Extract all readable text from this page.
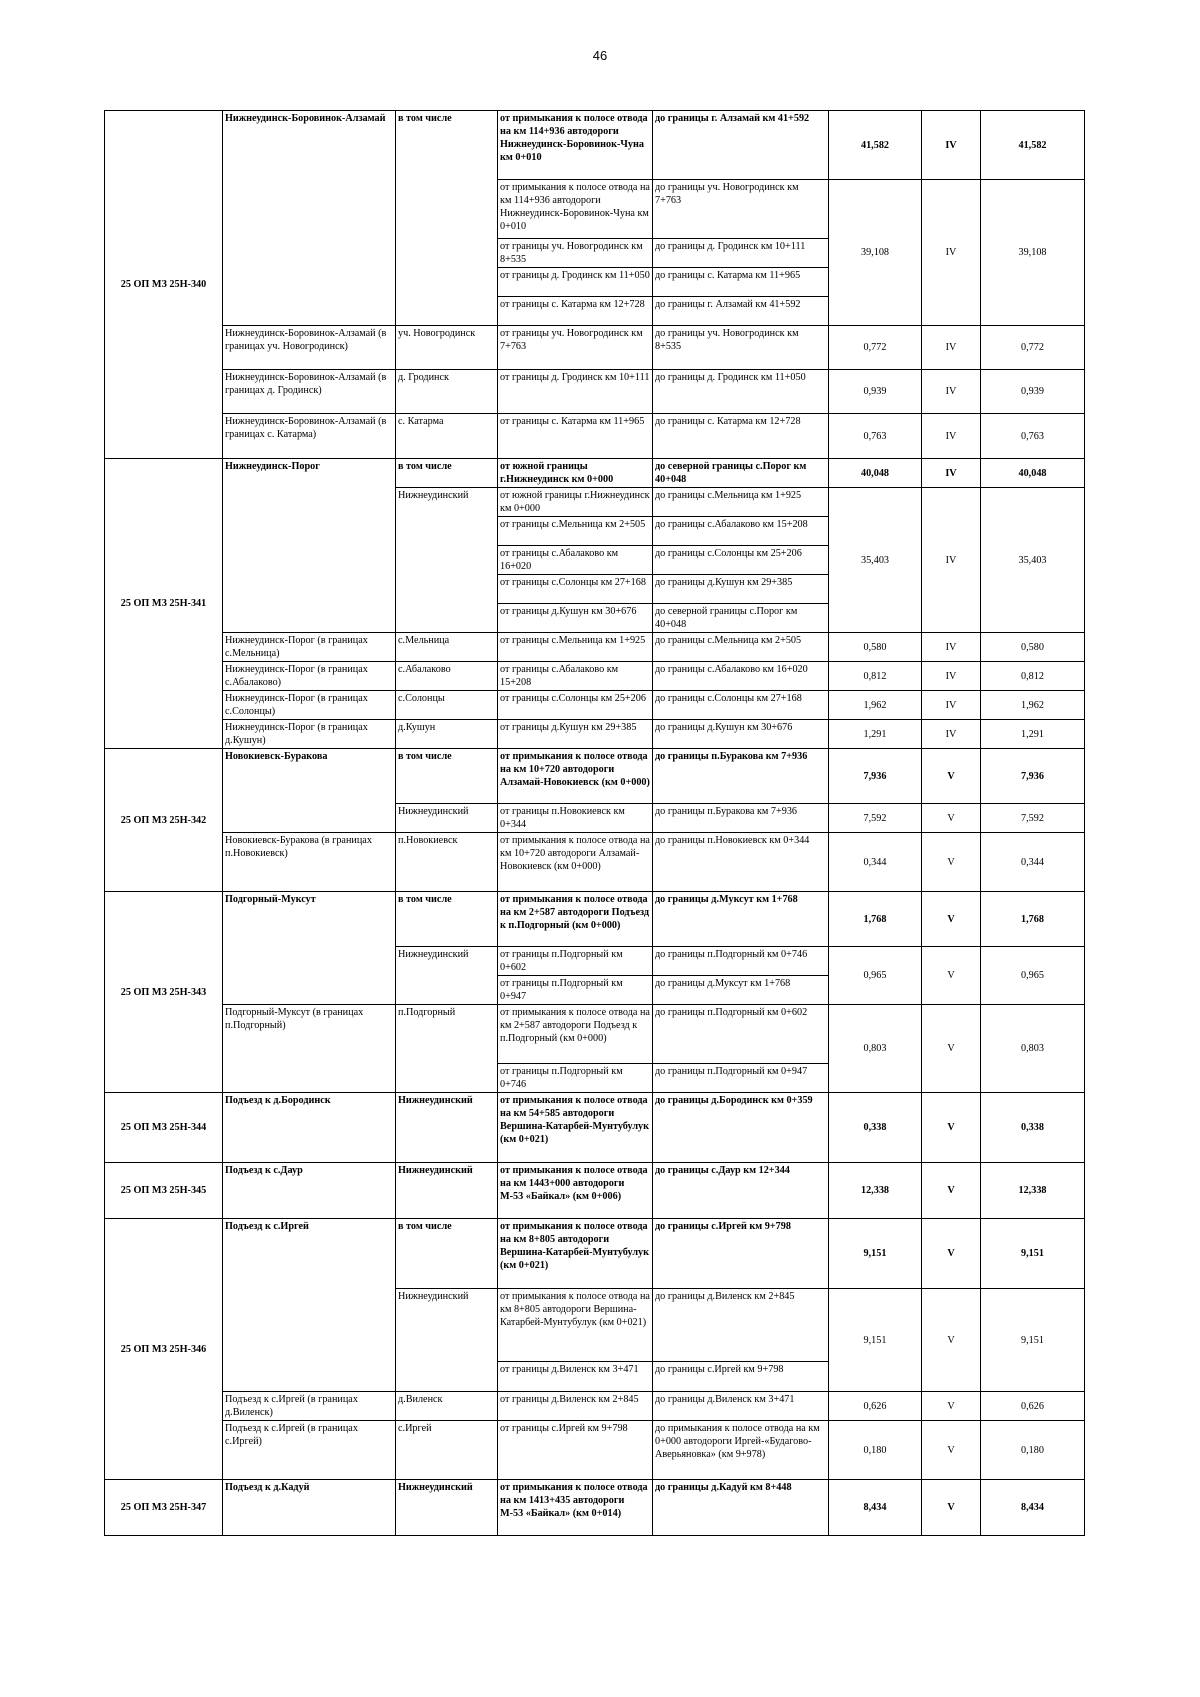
46
25 ОП МЗ 25Н-340	Нижнеудинск-Боровинок-Алзамай	в том числе	от примыкания к полосе отвода на км 114+936 автодороги Нижнеудинск-Боровинок-Чуна км 0+010	до границы г. Алзамай км 41+592	41,582	IV	41,582
			от примыкания к полосе отвода на км 114+936 автодороги Нижнеудинск-Боровинок-Чуна км 0+010	до границы уч. Новогродинск км 7+763	39,108	IV	39,108
			от границы уч. Новогродинск км 8+535	до границы д. Гродинск км 10+111			
			от границы д. Гродинск км 11+050	до границы с. Катарма км 11+965			
			от границы с. Катарма км 12+728	до границы г. Алзамай км 41+592			
	Нижнеудинск-Боровинок-Алзамай (в границах уч. Новогродинск)	уч. Новогродинск	от границы уч. Новогродинск км 7+763	до границы уч. Новогродинск км 8+535	0,772	IV	0,772
	Нижнеудинск-Боровинок-Алзамай (в границах д. Гродинск)	д. Гродинск	от границы д. Гродинск км 10+111	до границы д. Гродинск км 11+050	0,939	IV	0,939
	Нижнеудинск-Боровинок-Алзамай (в границах с. Катарма)	с. Катарма	от границы с. Катарма км 11+965	до границы с. Катарма км 12+728	0,763	IV	0,763
25 ОП МЗ 25Н-341	Нижнеудинск-Порог	в том числе	от южной границы г.Нижнеудинск км 0+000	до северной границы с.Порог км 40+048	40,048	IV	40,048
		Нижнеудинский	от южной границы г.Нижнеудинск км 0+000	до границы с.Мельница км 1+925	35,403	IV	35,403
			от границы с.Мельница км 2+505	до границы с.Абалаково км 15+208			
			от границы с.Абалаково км 16+020	до границы с.Солонцы км 25+206			
			от границы с.Солонцы км 27+168	до границы д.Кушун км 29+385			
			от границы д.Кушун км 30+676	до северной границы с.Порог км 40+048			
	Нижнеудинск-Порог (в границах с.Мельница)	с.Мельница	от границы с.Мельница км 1+925	до границы с.Мельница км 2+505	0,580	IV	0,580
	Нижнеудинск-Порог (в границах с.Абалаково)	с.Абалаково	от границы с.Абалаково км 15+208	до границы с.Абалаково км 16+020	0,812	IV	0,812
	Нижнеудинск-Порог (в границах с.Солонцы)	с.Солонцы	от границы с.Солонцы км 25+206	до границы с.Солонцы км 27+168	1,962	IV	1,962
	Нижнеудинск-Порог (в границах д.Кушун)	д.Кушун	от границы д.Кушун км 29+385	до границы д.Кушун км 30+676	1,291	IV	1,291
25 ОП МЗ 25Н-342	Новокиевск-Буракова	в том числе	от примыкания к полосе отвода на км 10+720 автодороги Алзамай-Новокиевск (км 0+000)	до границы п.Буракова км 7+936	7,936	V	7,936
		Нижнеудинский	от границы п.Новокиевск км 0+344	до границы п.Буракова км 7+936	7,592	V	7,592
	Новокиевск-Буракова (в границах п.Новокиевск)	п.Новокиевск	от примыкания к полосе отвода на км 10+720 автодороги Алзамай-Новокиевск (км 0+000)	до границы п.Новокиевск км 0+344	0,344	V	0,344
25 ОП МЗ 25Н-343	Подгорный-Муксут	в том числе	от примыкания к полосе отвода на км 2+587 автодороги Подъезд к п.Подгорный (км 0+000)	до границы д.Муксут км 1+768	1,768	V	1,768
		Нижнеудинский	от границы п.Подгорный км 0+602	до границы п.Подгорный км 0+746	0,965	V	0,965
			от границы п.Подгорный км 0+947	до границы д.Муксут км 1+768			
	Подгорный-Муксут (в границах п.Подгорный)	п.Подгорный	от примыкания к полосе отвода на км 2+587 автодороги Подъезд к п.Подгорный (км 0+000)	до границы п.Подгорный км 0+602	0,803	V	0,803
			от границы п.Подгорный км 0+746	до границы п.Подгорный км 0+947			
25 ОП МЗ 25Н-344	Подъезд к д.Бородинск	Нижнеудинский	от примыкания к полосе отвода на км 54+585 автодороги Вершина-Катарбей-Мунтубулук (км 0+021)	до границы д.Бородинск км 0+359	0,338	V	0,338
25 ОП МЗ 25Н-345	Подъезд к с.Даур	Нижнеудинский	от примыкания к полосе отвода на км 1443+000 автодороги М-53 «Байкал» (км 0+006)	до границы с.Даур км 12+344	12,338	V	12,338
25 ОП МЗ 25Н-346	Подъезд к с.Иргей	в том числе	от примыкания к полосе отвода на км 8+805 автодороги Вершина-Катарбей-Мунтубулук (км 0+021)	до границы с.Иргей км 9+798	9,151	V	9,151
		Нижнеудинский	от примыкания к полосе отвода на км 8+805 автодороги Вершина-Катарбей-Мунтубулук (км 0+021)	до границы д.Виленск км 2+845	9,151	V	9,151
			от границы д.Виленск км 3+471	до границы с.Иргей км 9+798			
	Подъезд к с.Иргей (в границах д.Виленск)	д.Виленск	от границы д.Виленск км 2+845	до границы д.Виленск км 3+471	0,626	V	0,626
	Подъезд к с.Иргей (в границах с.Иргей)	с.Иргей	от границы с.Иргей км 9+798	до примыкания к полосе отвода на км 0+000 автодороги Иргей-«Будагово-Аверьяновка» (км 9+978)	0,180	V	0,180
25 ОП МЗ 25Н-347	Подъезд к д.Кадуй	Нижнеудинский	от примыкания к полосе отвода на км 1413+435 автодороги М-53 «Байкал» (км 0+014)	до границы д.Кадуй км 8+448	8,434	V	8,434
